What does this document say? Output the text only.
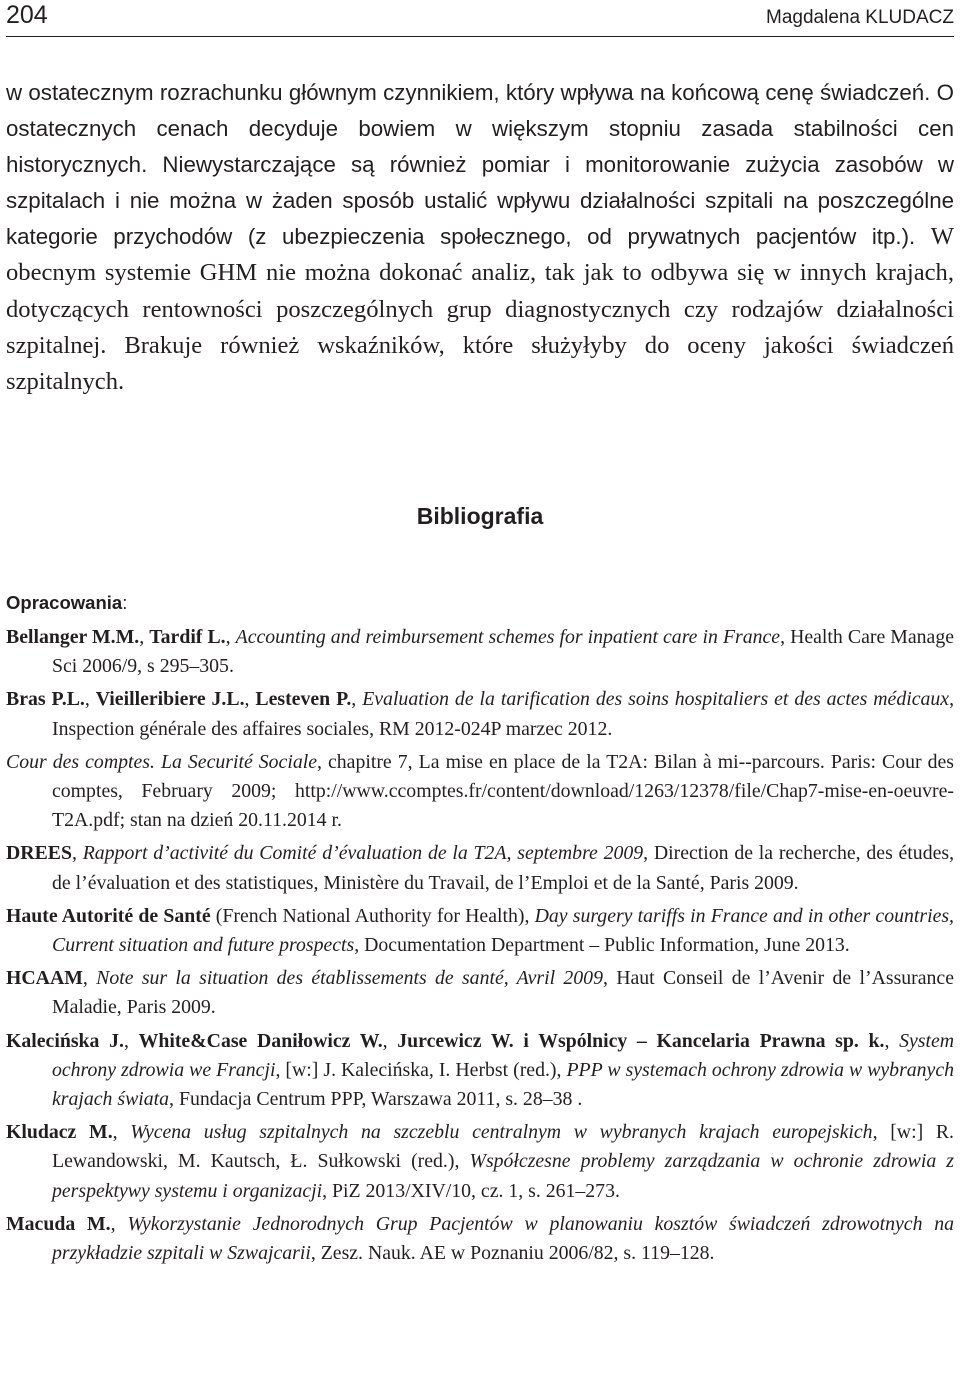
204	Magdalena KLUDACZ

w ostatecznym rozrachunku głównym czynnikiem, który wpływa na końcową cenę świadczeń. O ostatecznych cenach decyduje bowiem w większym stopniu zasada stabilności cen historycznych. Niewystarczające są również pomiar i monitorowanie zużycia zasobów w szpitalach i nie można w żaden sposób ustalić wpływu działalności szpitali na poszczególne kategorie przychodów (z ubezpieczenia społecznego, od prywatnych pacjentów itp.). W obecnym systemie GHM nie można dokonać analiz, tak jak to odbywa się w innych krajach, dotyczących rentowności poszczególnych grup diagnostycznych czy rodzajów działalności szpitalnej. Brakuje również wskaźników, które służyłyby do oceny jakości świadczeń szpitalnych.

Bibliografia

Opracowania:

Bellanger M.M., Tardif L., Accounting and reimbursement schemes for inpatient care in France, Health Care Manage Sci 2006/9, s 295–305.

Bras P.L., Vieilleribiere J.L., Lesteven P., Evaluation de la tarification des soins hospitaliers et des actes médicaux, Inspection générale des affaires sociales, RM 2012-024P marzec 2012.

Cour des comptes. La Securité Sociale, chapitre 7, La mise en place de la T2A: Bilan à mi--parcours. Paris: Cour des comptes, February 2009; http://www.ccomptes.fr/content/download/1263/12378/file/Chap7-mise-en-oeuvre-T2A.pdf; stan na dzień 20.11.2014 r.

DREES, Rapport d’activité du Comité d’évaluation de la T2A, septembre 2009, Direction de la recherche, des études, de l’évaluation et des statistiques, Ministère du Travail, de l’Emploi et de la Santé, Paris 2009.

Haute Autorité de Santé (French National Authority for Health), Day surgery tariffs in France and in other countries, Current situation and future prospects, Documentation Department – Public Information, June 2013.

HCAAM, Note sur la situation des établissements de santé, Avril 2009, Haut Conseil de l’Avenir de l’Assurance Maladie, Paris 2009.

Kalecińska J., White&Case Daniłowicz W., Jurcewicz W. i Wspólnicy – Kancelaria Prawna sp. k., System ochrony zdrowia we Francji, [w:] J. Kalecińska, I. Herbst (red.), PPP w systemach ochrony zdrowia w wybranych krajach świata, Fundacja Centrum PPP, Warszawa 2011, s. 28–38 .

Kludacz M., Wycena usług szpitalnych na szczeblu centralnym w wybranych krajach europejskich, [w:] R. Lewandowski, M. Kautsch, Ł. Sułkowski (red.), Współczesne problemy zarządzania w ochronie zdrowia z perspektywy systemu i organizacji, PiZ 2013/XIV/10, cz. 1, s. 261–273.

Macuda M., Wykorzystanie Jednorodnych Grup Pacjentów w planowaniu kosztów świadczeń zdrowotnych na przykładzie szpitali w Szwajcarii, Zesz. Nauk. AE w Poznaniu 2006/82, s. 119–128.
